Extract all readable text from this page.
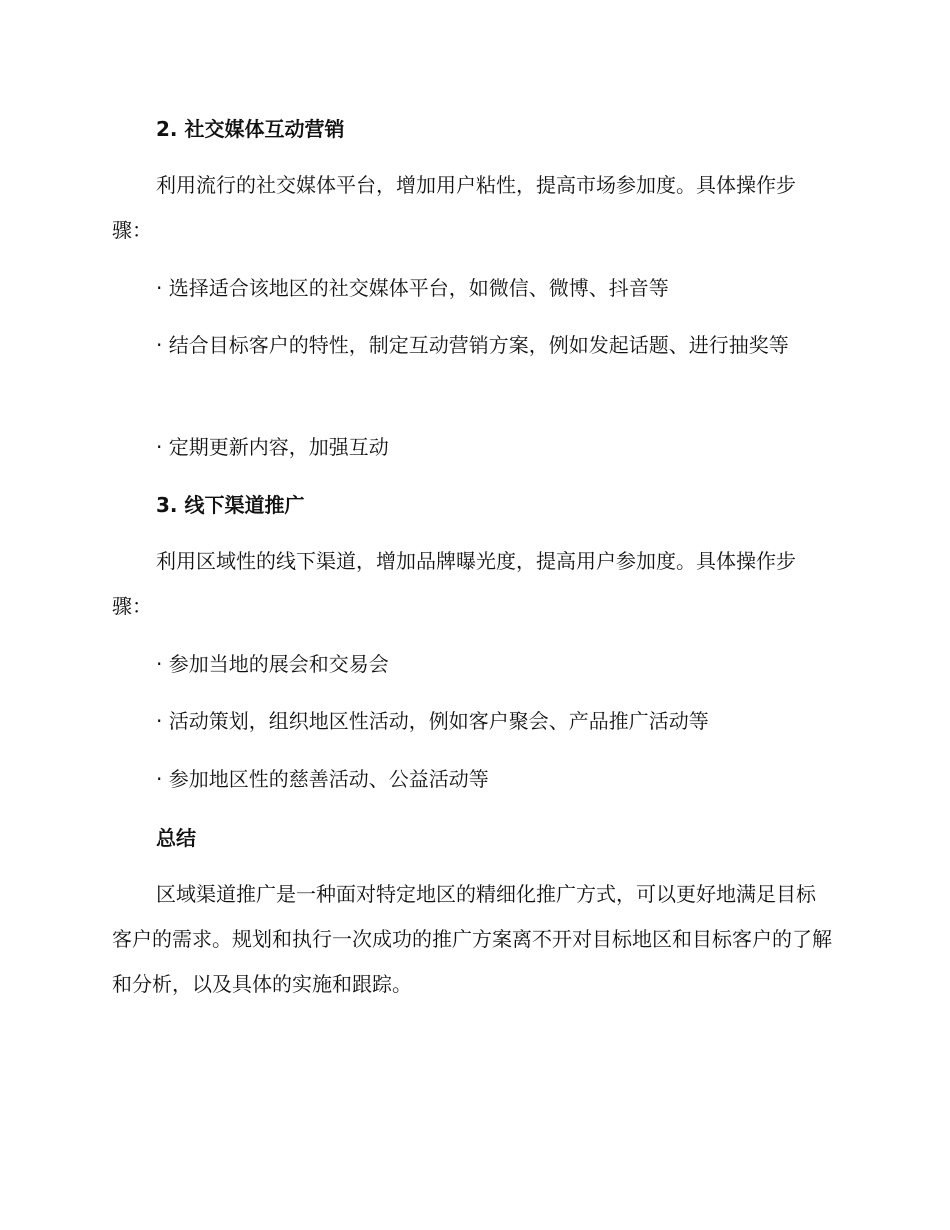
2. 社交媒体互动营销

利用流行的社交媒体平台，增加用户粘性，提高市场参加度。具体操作步骤：

· 选择适合该地区的社交媒体平台，如微信、微博、抖音等

· 结合目标客户的特性，制定互动营销方案，例如发起话题、进行抽奖等

· 定期更新内容，加强互动

3. 线下渠道推广

利用区域性的线下渠道，增加品牌曝光度，提高用户参加度。具体操作步骤：

· 参加当地的展会和交易会

· 活动策划，组织地区性活动，例如客户聚会、产品推广活动等

· 参加地区性的慈善活动、公益活动等

总结

区域渠道推广是一种面对特定地区的精细化推广方式，可以更好地满足目标客户的需求。规划和执行一次成功的推广方案离不开对目标地区和目标客户的了解和分析，以及具体的实施和跟踪。
